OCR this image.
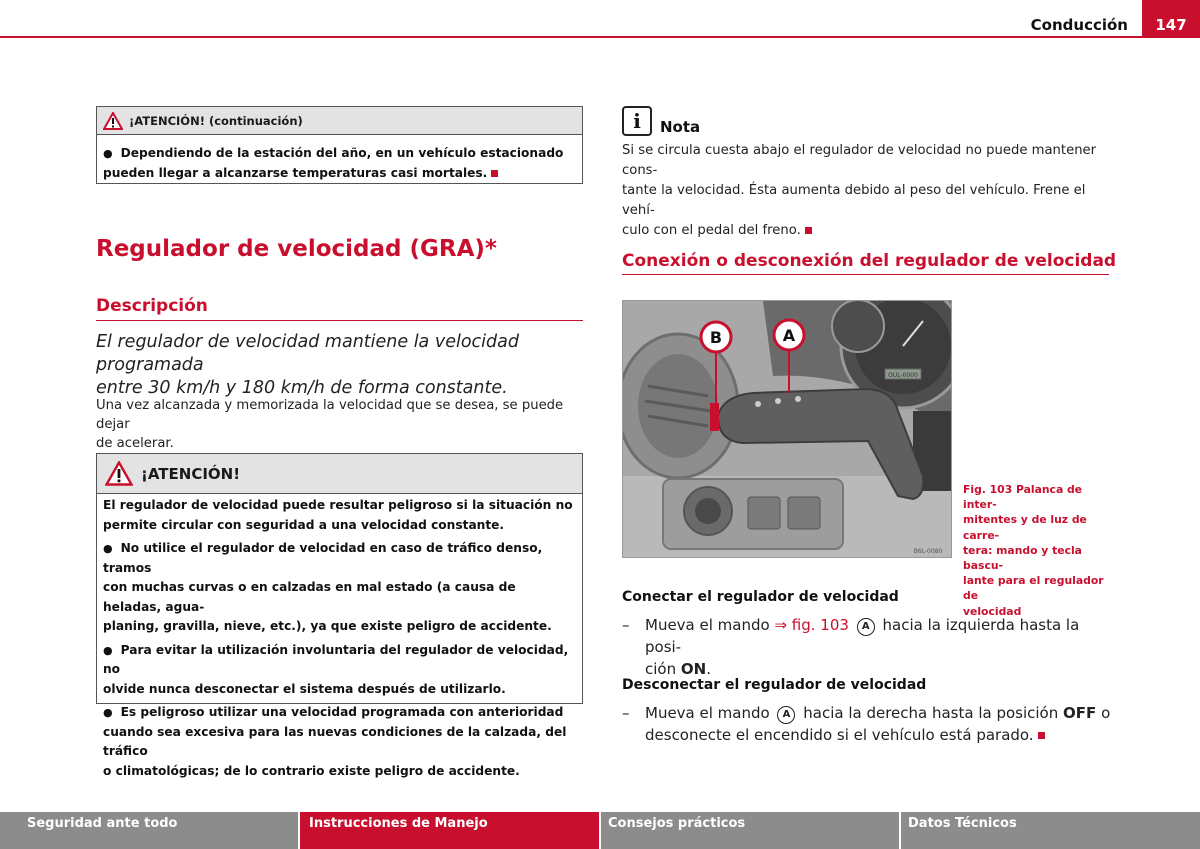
Conducción	147
¡ATENCIÓN! (continuación)

● Dependiendo de la estación del año, en un vehículo estacionado
pueden llegar a alcanzarse temperaturas casi mortales.

Regulador de velocidad (GRA)*
Descripción
El regulador de velocidad mantiene la velocidad programada
entre 30 km/h y 180 km/h de forma constante.
Una vez alcanzada y memorizada la velocidad que se desea, se puede dejar
de acelerar.
¡ATENCIÓN!

El regulador de velocidad puede resultar peligroso si la situación no
permite circular con seguridad a una velocidad constante.

● No utilice el regulador de velocidad en caso de tráfico denso, tramos
con muchas curvas o en calzadas en mal estado (a causa de heladas, agua-
planing, gravilla, nieve, etc.), ya que existe peligro de accidente.

● Para evitar la utilización involuntaria del regulador de velocidad, no
olvide nunca desconectar el sistema después de utilizarlo.

● Es peligroso utilizar una velocidad programada con anterioridad
cuando sea excesiva para las nuevas condiciones de la calzada, del tráfico
o climatológicas; de lo contrario existe peligro de accidente.

i	Nota
Si se circula cuesta abajo el regulador de velocidad no puede mantener cons-
tante la velocidad. Ésta aumenta debido al peso del vehículo. Frene el vehí-
culo con el pedal del freno.
Conexión o desconexión del regulador de velocidad
OUL-0000
B	A
B6L-0080
Fig. 103 Palanca de inter-
mitentes y de luz de carre-
tera: mando y tecla bascu-
lante para el regulador de
velocidad
Conectar el regulador de velocidad
–	Mueva el mando ⇒ fig. 103 A hacia la izquierda hasta la posi-
ción ON.
Desconectar el regulador de velocidad
–	Mueva el mando A hacia la derecha hasta la posición OFF o
desconecte el encendido si el vehículo está parado.
Seguridad ante todo	Instrucciones de Manejo	Consejos prácticos	Datos Técnicos
